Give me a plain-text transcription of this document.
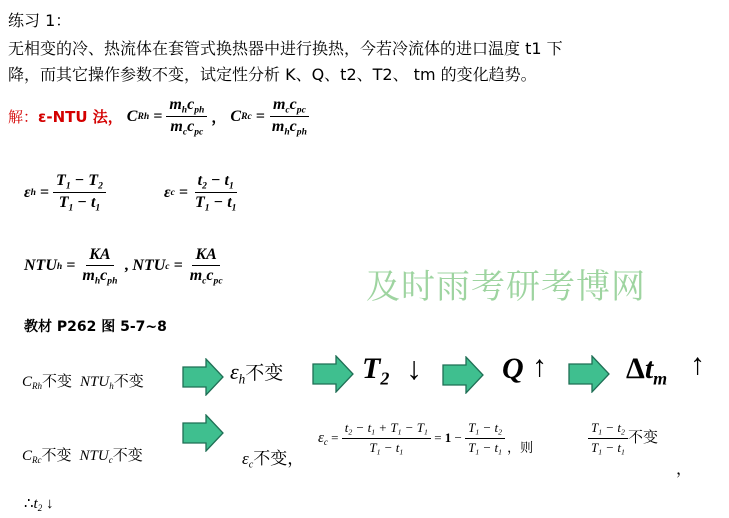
练习 1：
无相变的冷、热流体在套管式换热器中进行换热，今若冷流体的进口温度 t1 下
降，而其它操作参数不变，试定性分析 K、Q、t2、T2、 tm 的变化趋势。
解： ε-NTU 法， C $Rh = \frac{m_hc_{ph}}{m_cc_{pc}}$ ， C $Rc = \frac{m_cc_{pc}}{m_hc_{ph}}$
ε $h = \frac{T_1 - T_2}{T_1 - t_1}$	ε $c = \frac{t_2 - t_1}{T_1 - t_1}$
NTU $h = \frac{KA}{m_hc_{ph}}$ , NTU $c = \frac{KA}{m_cc_{pc}}$
及时雨考研考博网
教材 P262 图 5-7~8
$C_{Rh}$ 不变 $NTU_h$ 不变	$\varepsilon_h$ 不变	$T_2$ ↓	Q ↑	$\Delta t_m$ ↑
$C_{Rc}$ 不变 $NTU_c$ 不变	$\varepsilon_c$ 不变 ，
$\varepsilon_c = \frac{t_2 - t_1 + T_1 - T_1}{T_1 - t_1} = 1 - \frac{T_1 - t_2}{T_1 - t_1}$ ，则	$\frac{T_1 - t_2}{T_1 - t_1}$ 不变
，
∴ $t_2$
↓
